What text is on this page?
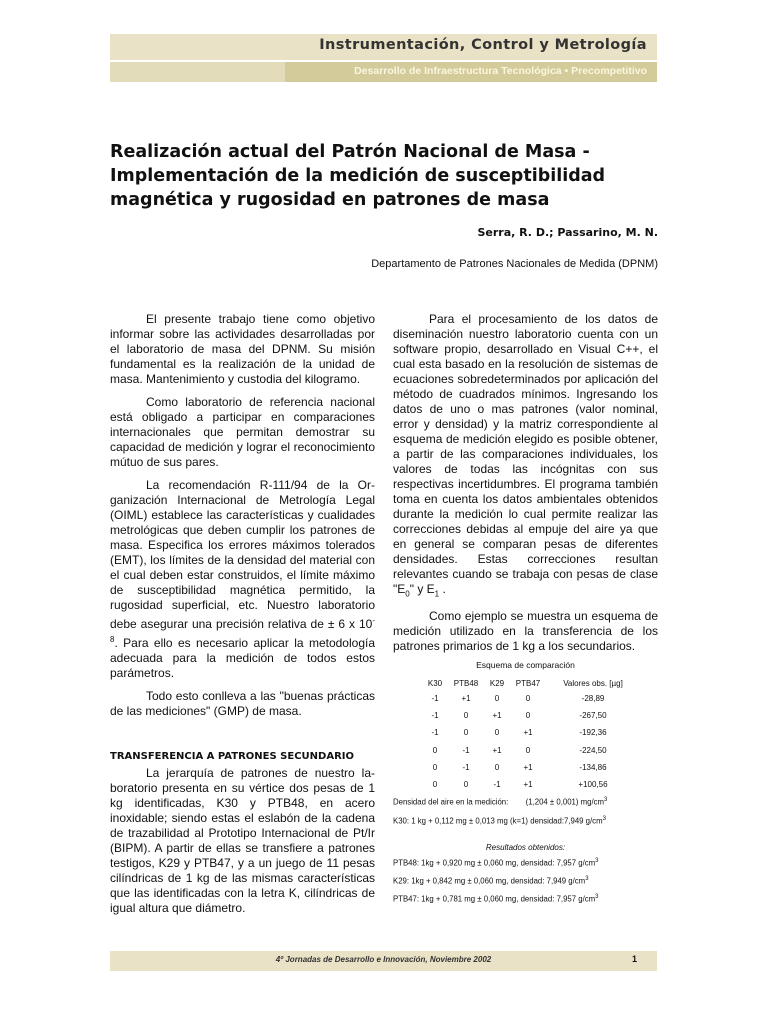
Instrumentación, Control y Metrología
Desarrollo de Infraestructura Tecnológica • Precompetitivo
Realización actual del Patrón Nacional de Masa - Implementación de la medición de susceptibilidad magnética y rugosidad en patrones de masa
Serra, R. D.; Passarino, M. N.
Departamento de Patrones Nacionales de Medida (DPNM)

El presente trabajo tiene como objetivo informar sobre las actividades desarrolladas por el laboratorio de masa del DPNM. Su misión fundamental es la realización de la unidad de masa. Mantenimiento y custodia del kilogramo.

Como laboratorio de referencia nacional está obligado a participar en comparaciones internacionales que permitan demostrar su capacidad de medición y lograr el reconocimiento mútuo de sus pares.

La recomendación R-111/94 de la Organización Internacional de Metrología Legal (OIML) establece las características y cualidades metrológicas que deben cumplir los patrones de masa. Especifica los errores máximos tolerados (EMT), los límites de la densidad del material con el cual deben estar construidos, el límite máximo de susceptibilidad magnética permitido, la rugosidad superficial, etc. Nuestro laboratorio debe asegurar una precisión relativa de ± 6 x $10^{-8}$. Para ello es necesario aplicar la metodología adecuada para la medición de todos estos parámetros.

Todo esto conlleva a las "buenas prácticas de las mediciones" (GMP) de masa.

TRANSFERENCIA A PATRONES SECUNDARIO

La jerarquía de patrones de nuestro laboratorio presenta en su vértice dos pesas de 1 kg identificadas, K30 y PTB48, en acero inoxidable; siendo estas el eslabón de la cadena de trazabilidad al Prototipo Internacional de Pt/Ir (BIPM). A partir de ellas se transfiere a patrones testigos, K29 y PTB47, y a un juego de 11 pesas cilíndricas de 1 kg de las mismas características que las identificadas con la letra K, cilíndricas de igual altura que diámetro.

Para el procesamiento de los datos de diseminación nuestro laboratorio cuenta con un software propio, desarrollado en Visual C++, el cual esta basado en la resolución de sistemas de ecuaciones sobredeterminados por aplicación del método de cuadrados mínimos. Ingresando los datos de uno o mas patrones (valor nominal, error y densidad) y la matriz correspondiente al esquema de medición elegido es posible obtener, a partir de las comparaciones individuales, los valores de todas las incógnitas con sus respectivas incertidumbres. El programa también toma en cuenta los datos ambientales obtenidos durante la medición lo cual permite realizar las correcciones debidas al empuje del aire ya que en general se comparan pesas de diferentes densidades. Estas correcciones resultan relevantes cuando se trabaja con pesas de clase "$E_0$" y $E_1$ .

Como ejemplo se muestra un esquema de medición utilizado en la transferencia de los patrones primarios de 1 kg a los secundarios.

Esquema de comparación
K30	PTB48	K29	PTB47	Valores obs. [µg]
-1	+1	0	0	-28,89
-1	0	+1	0	-267,50
-1	0	0	+1	-192,36
0	-1	+1	0	-224,50
0	-1	0	+1	-134,86
0	0	-1	+1	+100,56
Densidad del aire en la medición: (1,204 ± 0,001) $mg/cm^3$
K30: 1 kg + 0,112 mg ± 0,013 mg (k=1) densidad:7,949 $g/cm^3$
Resultados obtenidos:
PTB48: 1kg + 0,920 mg ± 0,060 mg, densidad: 7,957 $g/cm^3$
K29: 1kg + 0,842 mg ± 0,060 mg, densidad: 7,949 $g/cm^3$
PTB47: 1kg + 0,781 mg ± 0,060 mg, densidad: 7,957 $g/cm^3$
4º Jornadas de Desarrollo e Innovación, Noviembre 2002	1
